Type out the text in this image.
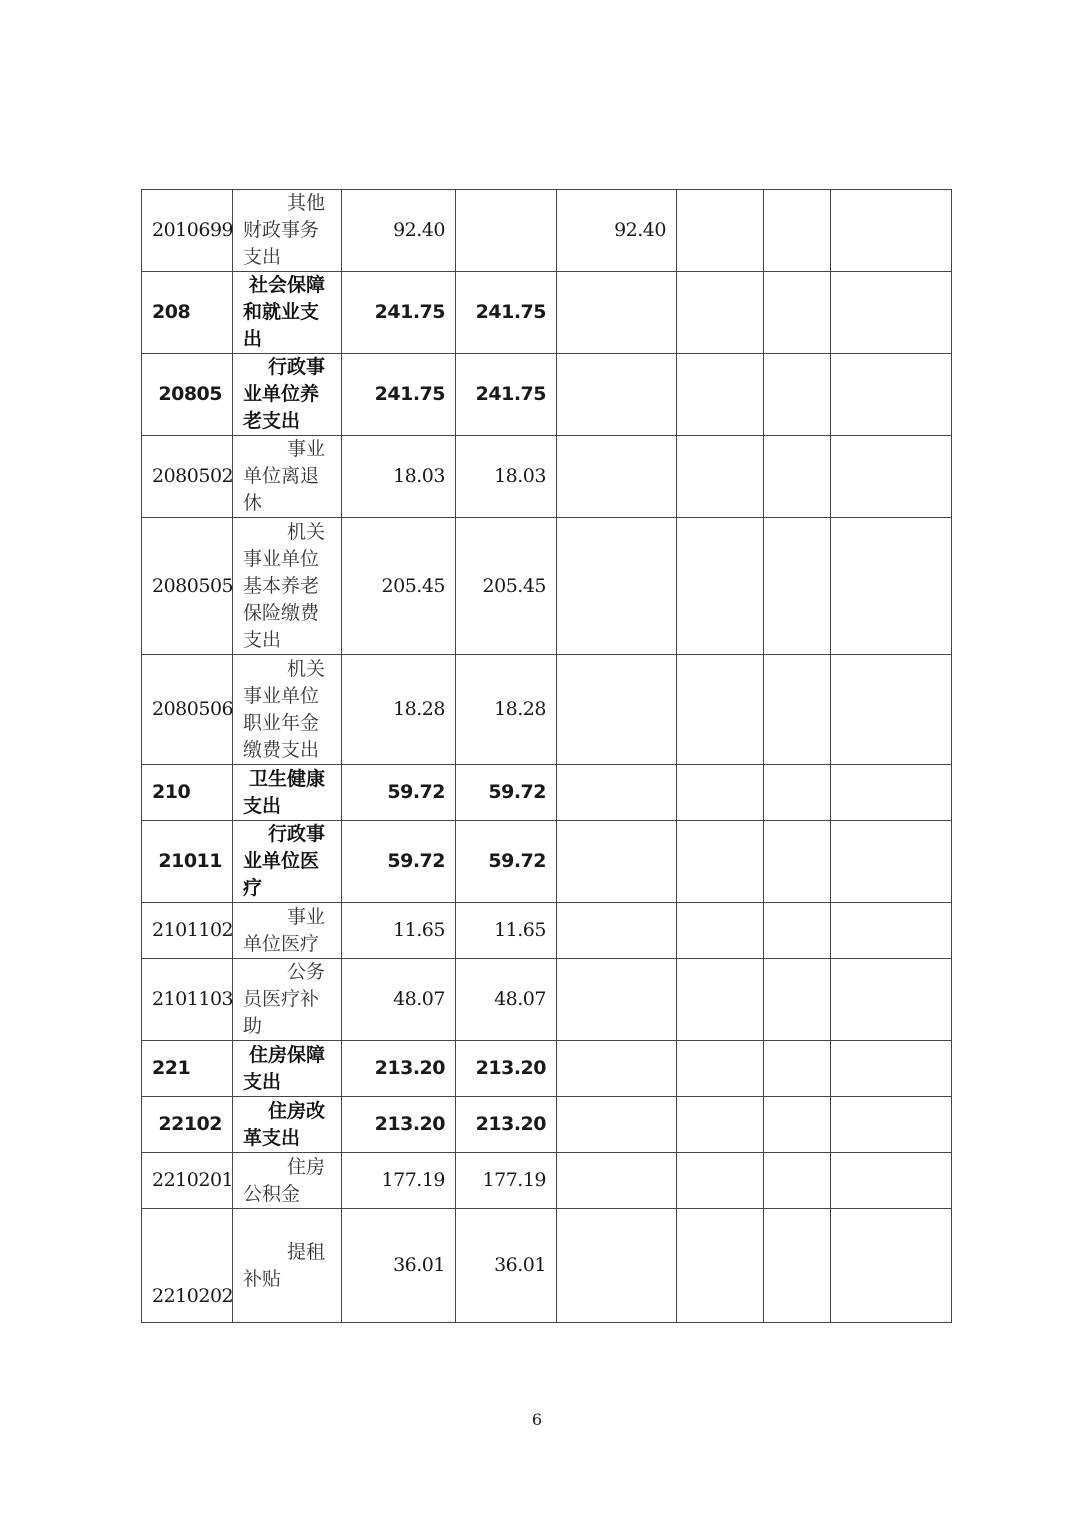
2010699	其他
财政事务
支出	92.40		92.40			
208	社会保障
和就业支
出	241.75	241.75				
20805	行政事
业单位养
老支出	241.75	241.75				
2080502	事业
单位离退
休	18.03	18.03				
2080505	机关
事业单位
基本养老
保险缴费
支出	205.45	205.45				
2080506	机关
事业单位
职业年金
缴费支出	18.28	18.28				
210	卫生健康
支出	59.72	59.72				
21011	行政事
业单位医
疗	59.72	59.72				
2101102	事业
单位医疗	11.65	11.65				
2101103	公务
员医疗补
助	48.07	48.07				
221	住房保障
支出	213.20	213.20				
22102	住房改
革支出	213.20	213.20				
2210201	住房
公积金	177.19	177.19				
2210202	提租
补贴	36.01	36.01				
6
